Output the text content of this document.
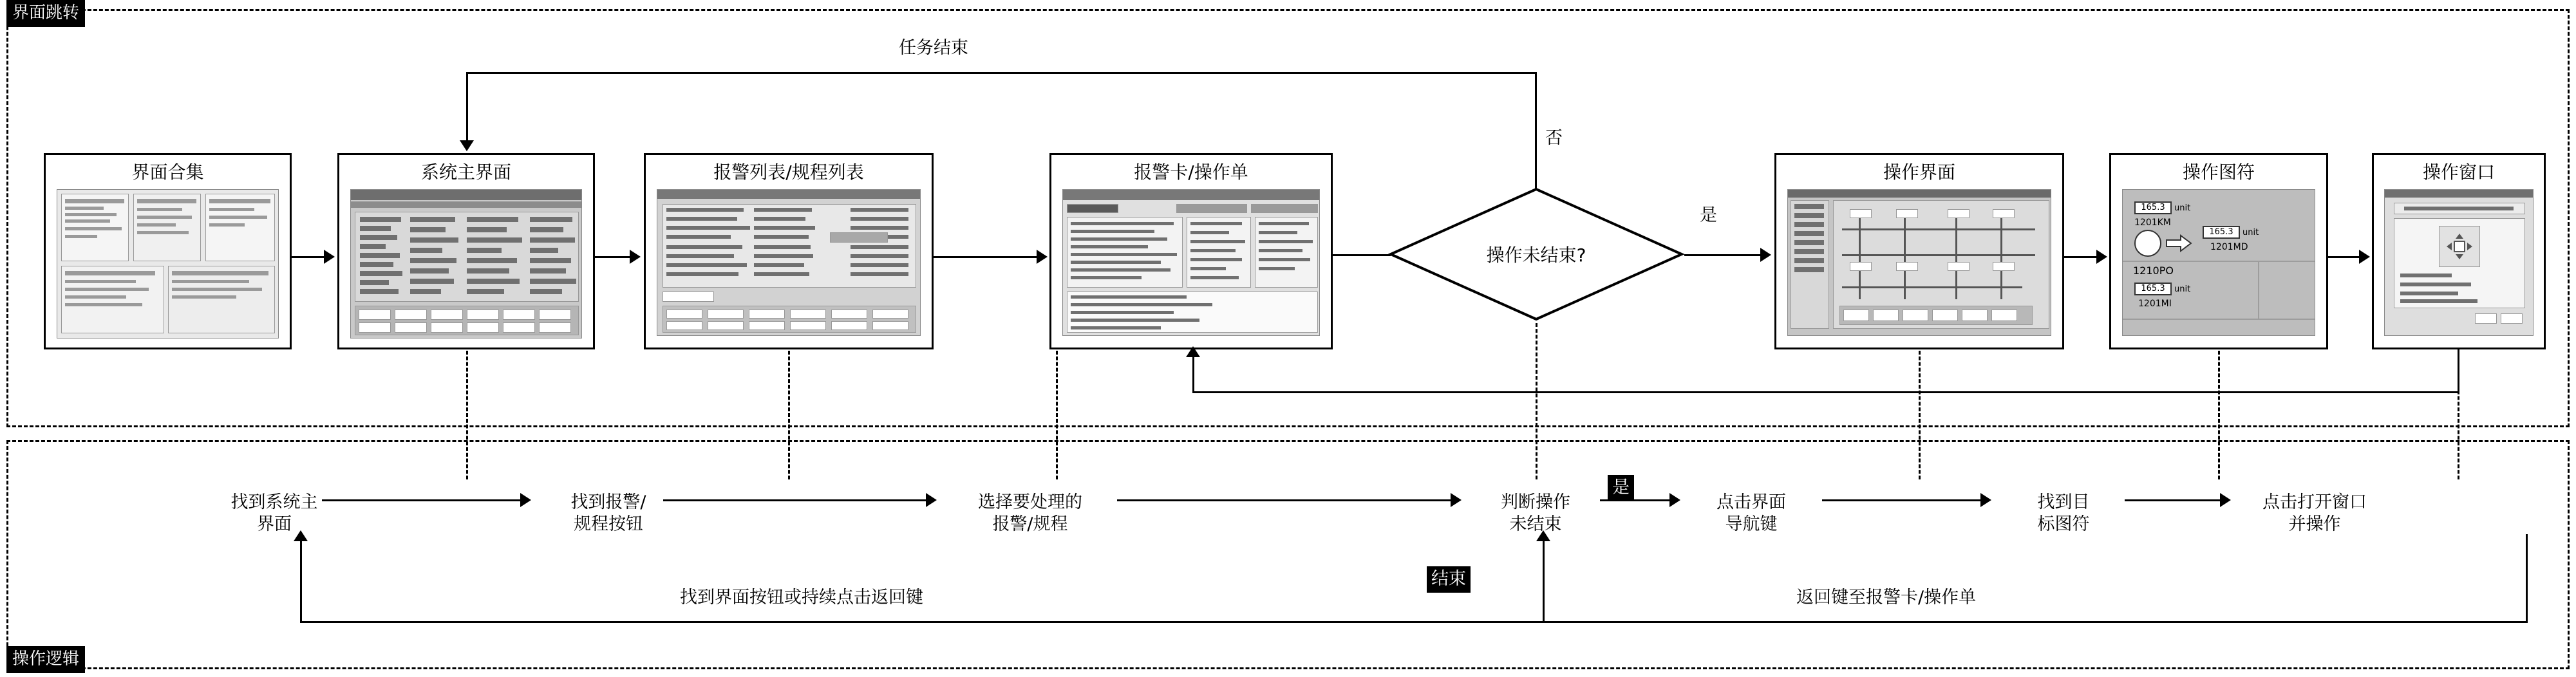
界面跳转
操作逻辑
界面合集	系统主界面	报警列表/规程列表	报警卡/操作单
操作未结束?
操作界面	操作图符
165.3	unit
1201KM
165.3	unit
1201MD
1210PO
165.3	unit
1201MI
操作窗口
是
否
任务结束
找到系统主
界面
找到报警/
规程按钮
选择要处理的
报警/规程
判断操作
未结束
点击界面
导航键
找到目
标图符
点击打开窗口
并操作
是
结束
找到界面按钮或持续点击返回键	返回键至报警卡/操作单
